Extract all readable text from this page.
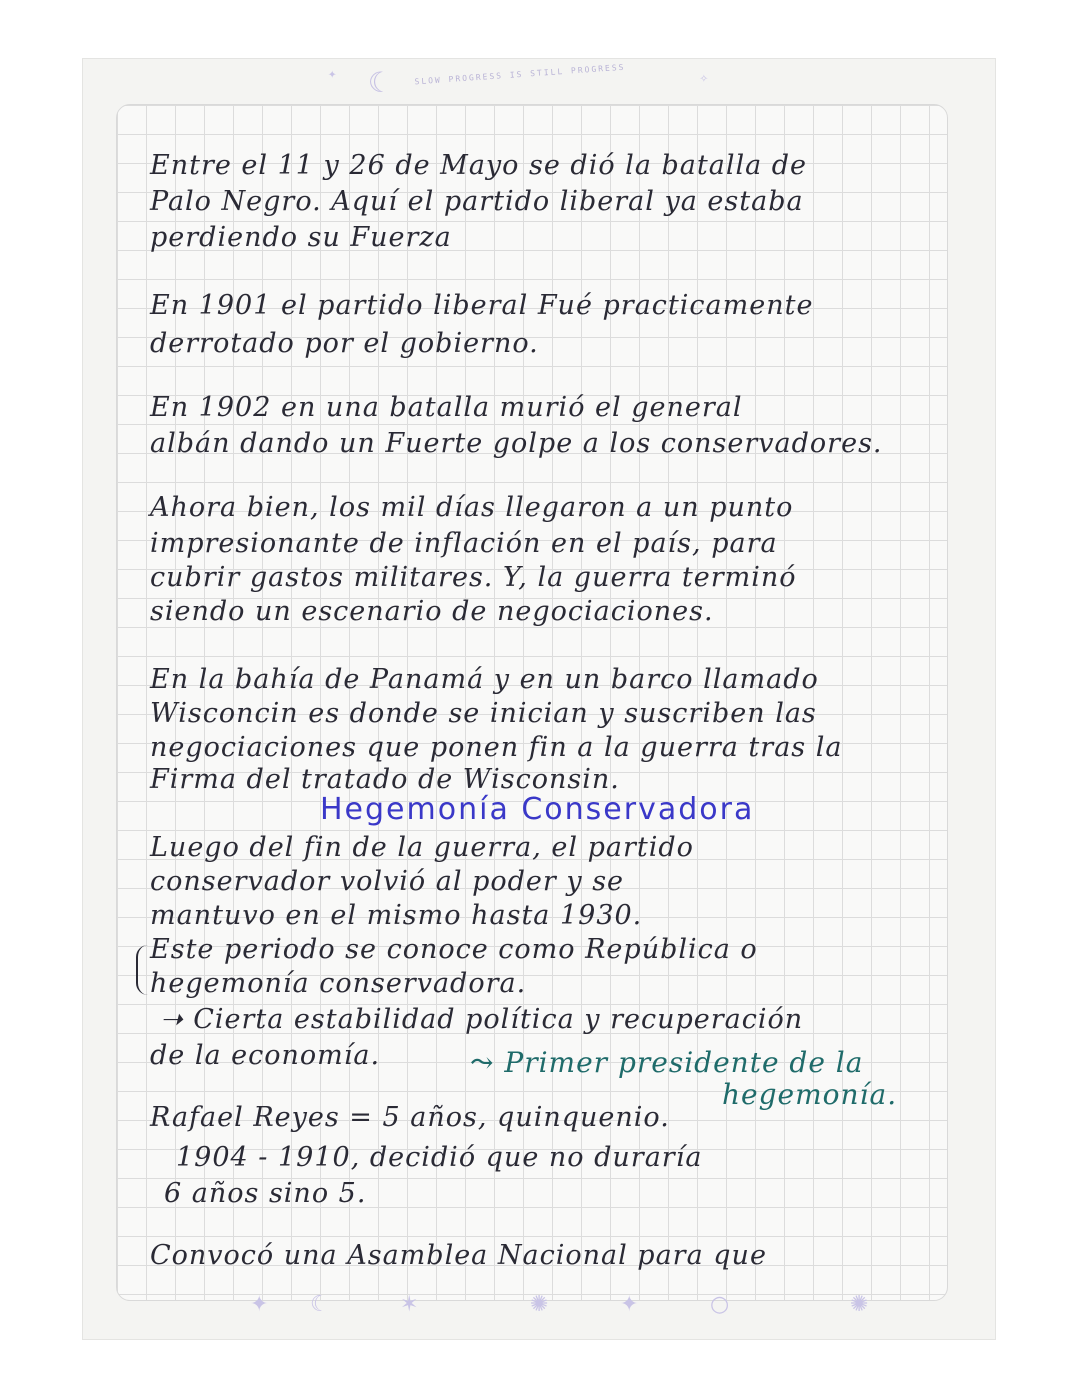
✦ ☾	SLOW PROGRESS IS STILL PROGRESS	✧
Entre el 11 y 26 de Mayo se dió la batalla de
Palo Negro. Aquí el partido liberal ya estaba
perdiendo su Fuerza
En 1901 el partido liberal Fué practicamente
derrotado por el gobierno.
En 1902 en una batalla murió el general
albán dando un Fuerte golpe a los conservadores.
Ahora bien, los mil días llegaron a un punto
impresionante de inflación en el país, para
cubrir gastos militares. Y, la guerra terminó
siendo un escenario de negociaciones.
En la bahía de Panamá y en un barco llamado
Wisconcin es donde se inician y suscriben las
negociaciones que ponen fin a la guerra tras la
Firma del tratado de Wisconsin.
Hegemonía Conservadora
Luego del fin de la guerra, el partido
conservador volvió al poder y se
mantuvo en el mismo hasta 1930.
Este periodo se conoce como República o
hegemonía conservadora.
➝ Cierta estabilidad política y recuperación
de la economía.	⤳ Primer presidente de la
hegemonía.
Rafael Reyes = 5 años, quinquenio.
1904 - 1910, decidió que no duraría
6 años sino 5.
Convocó una Asamblea Nacional para que
✦ ☾	✶	✺	✦	○	✺
